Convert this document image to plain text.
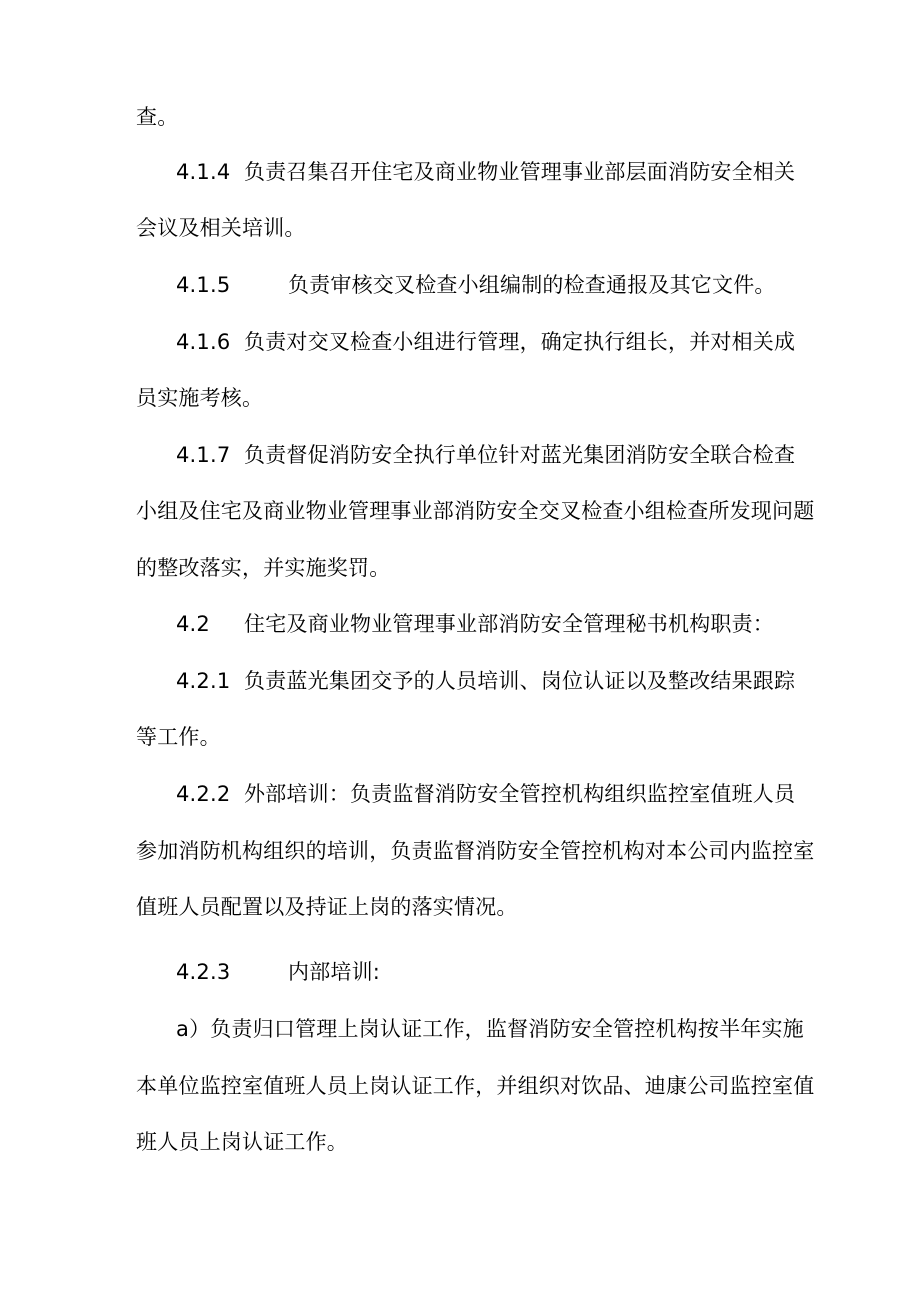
查。
4.1.4 负责召集召开住宅及商业物业管理事业部层面消防安全相关
会议及相关培训。
4.1.5	负责审核交叉检查小组编制的检查通报及其它文件。
4.1.6 负责对交叉检查小组进行管理，确定执行组长，并对相关成
员实施考核。
4.1.7 负责督促消防安全执行单位针对蓝光集团消防安全联合检查
小组及住宅及商业物业管理事业部消防安全交叉检查小组检查所发现问题
的整改落实，并实施奖罚。
4.2 住宅及商业物业管理事业部消防安全管理秘书机构职责：
4.2.1 负责蓝光集团交予的人员培训、岗位认证以及整改结果跟踪
等工作。
4.2.2 外部培训：负责监督消防安全管控机构组织监控室值班人员
参加消防机构组织的培训，负责监督消防安全管控机构对本公司内监控室
值班人员配置以及持证上岗的落实情况。
4.2.3	内部培训:
a）负责归口管理上岗认证工作，监督消防安全管控机构按半年实施
本单位监控室值班人员上岗认证工作，并组织对饮品、迪康公司监控室值
班人员上岗认证工作。
